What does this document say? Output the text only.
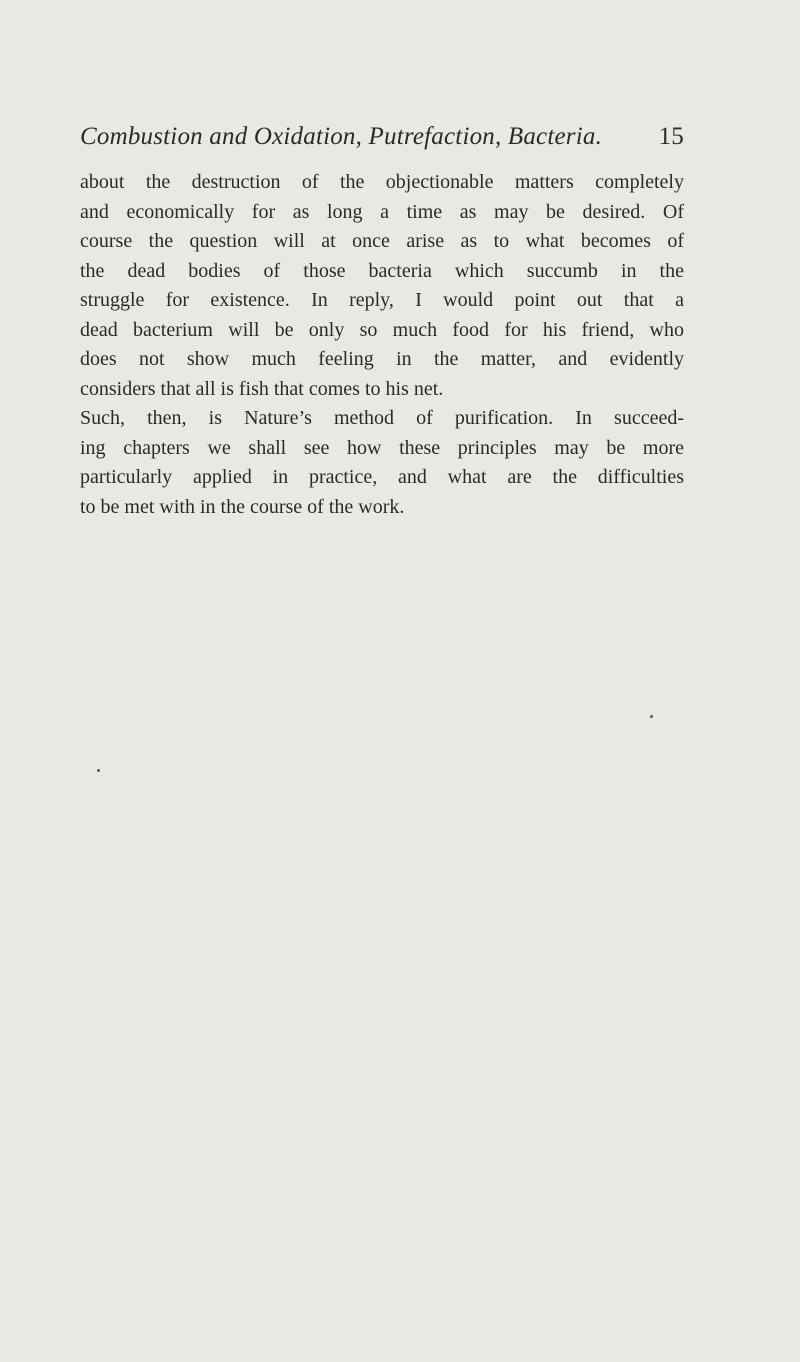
Combustion and Oxidation, Putrefaction, Bacteria. 15
about the destruction of the objectionable matters completely
and economically for as long a time as may be desired. Of
course the question will at once arise as to what becomes of
the dead bodies of those bacteria which succumb in the
struggle for existence. In reply, I would point out that a
dead bacterium will be only so much food for his friend, who
does not show much feeling in the matter, and evidently
considers that all is fish that comes to his net.
Such, then, is Nature’s method of purification. In succeed-
ing chapters we shall see how these principles may be more
particularly applied in practice, and what are the difficulties
to be met with in the course of the work.
